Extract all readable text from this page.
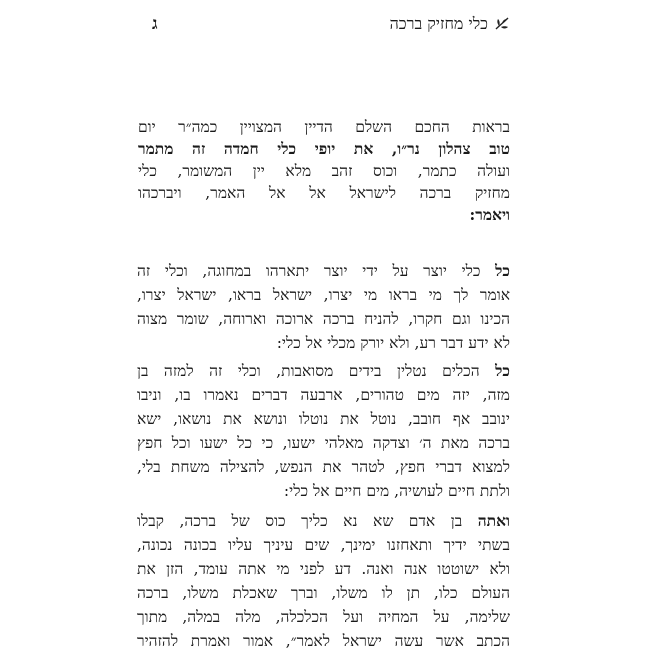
ג	כלי מחזיק ברכה
בראות החכם השלם הדיין המצויין כמה״ר יום
טוב צהלון נר״ו, את יופי כלי חמדה זה מתמר
ועולה כתמר, וכוס זהב מלא יין המשומר, כלי
מחזיק ברכה לישראל אל אל האמר, ויברכהו
ויאמר:
כל כלי יוצר על ידי יוצר יתארהו במחוגה, וכלי זה
אומר לך מי בראו מי יצרו, ישראל בראו, ישראל יצרו,
הכינו וגם חקרו, להניח ברכה ארוכה וארוחה, שומר מצוה
לא ידע דבר רע, ולא יורק מכלי אל כלי:
כל הכלים נטלין בידים מסואבות, וכלי זה למזה בן
מזה, יזה מים טהורים, ארבעה דברים נאמרו בו, וניבו
ינובב אף חובב, נוטל את נוטלו ונושא את נושאו, ישא
ברכה מאת ה׳ וצדקה מאלהי ישעו, כי כל ישעו וכל חפץ
למצוא דברי חפץ, לטהר את הנפש, להצילה משחת בלי,
ולתת חיים לעושיה, מים חיים אל כלי:
ואתה בן אדם שא נא כליך כוס של ברכה, קבלו
בשתי ידיך ותאחזנו ימינך, שים עיניך עליו בכונה נכונה,
ולא ישוטטו אנה ואנה. דע לפני מי אתה עומד, הזן את
העולם כלו, תן לו משלו, וברך שאכלת משלו, ברכה
שלימה, על המחיה ועל הכלכלה, מלה במלה, מתוך
הכתב אשר עשה ישראל לאמר״, אמור ואמרת להזהיר
